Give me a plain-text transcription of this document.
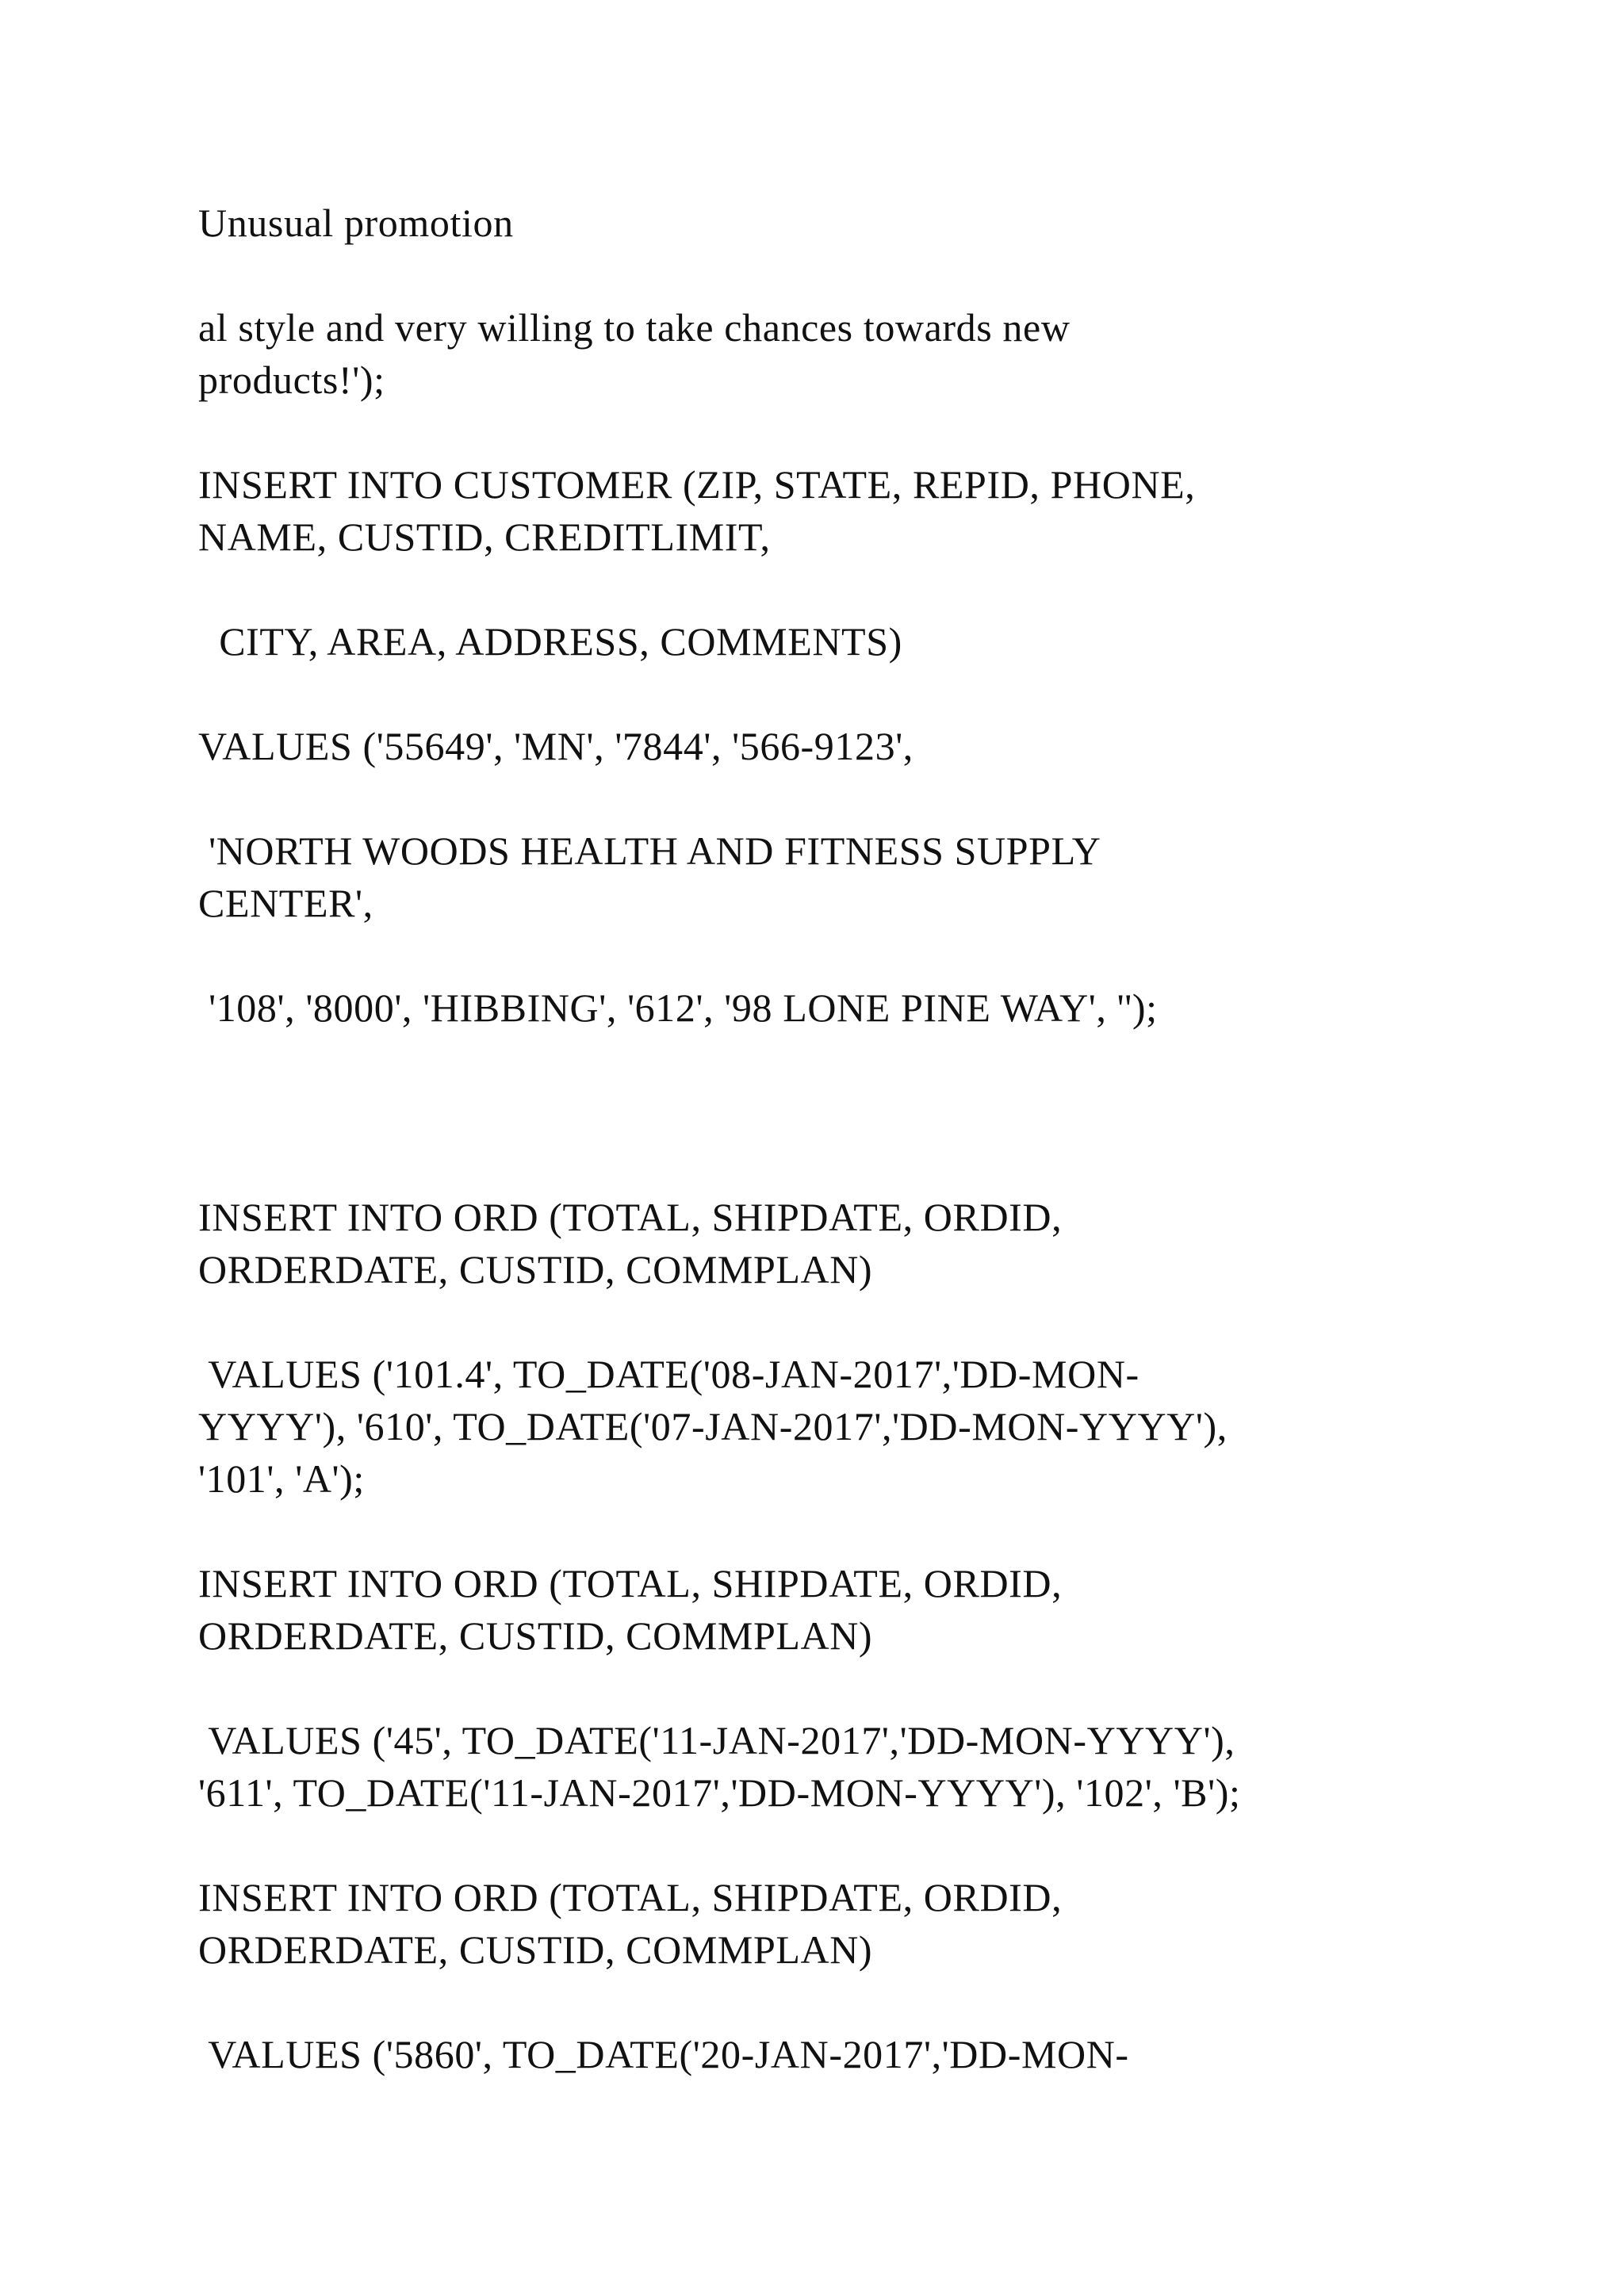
Unusual promotion
al style and very willing to take chances towards new
products!');
INSERT INTO CUSTOMER (ZIP, STATE, REPID, PHONE,
NAME, CUSTID, CREDITLIMIT,
CITY, AREA, ADDRESS, COMMENTS)
VALUES ('55649', 'MN', '7844', '566-9123',
'NORTH WOODS HEALTH AND FITNESS SUPPLY
CENTER',
'108', '8000', 'HIBBING', '612', '98 LONE PINE WAY', '');
INSERT INTO ORD (TOTAL, SHIPDATE, ORDID,
ORDERDATE, CUSTID, COMMPLAN)
VALUES ('101.4', TO_DATE('08-JAN-2017','DD-MON-
YYYY'), '610', TO_DATE('07-JAN-2017','DD-MON-YYYY'),
'101', 'A');
INSERT INTO ORD (TOTAL, SHIPDATE, ORDID,
ORDERDATE, CUSTID, COMMPLAN)
VALUES ('45', TO_DATE('11-JAN-2017','DD-MON-YYYY'),
'611', TO_DATE('11-JAN-2017','DD-MON-YYYY'), '102', 'B');
INSERT INTO ORD (TOTAL, SHIPDATE, ORDID,
ORDERDATE, CUSTID, COMMPLAN)
VALUES ('5860', TO_DATE('20-JAN-2017','DD-MON-
